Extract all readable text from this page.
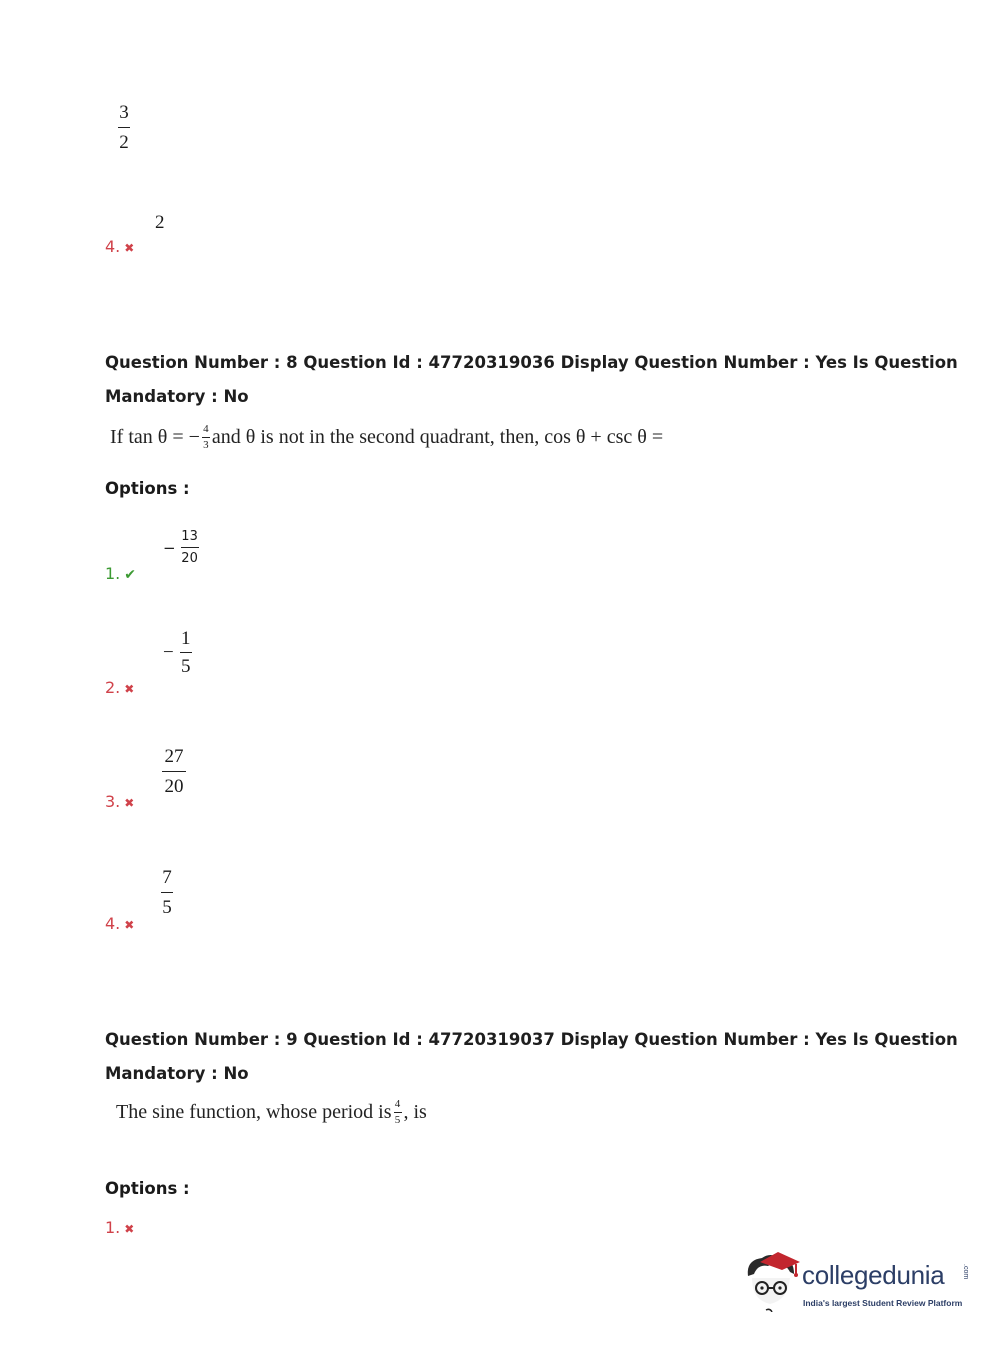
$\frac{3}{2}$
2
4. ✖
Question Number : 8 Question Id : 47720319036 Display Question Number : Yes Is Question
Mandatory : No
If tan θ = − $\frac{4}{3}$ and θ is not in the second quadrant, then, cos θ + csc θ =
Options :
− $\frac{13}{20}$
1. ✔
− $\frac{1}{5}$
2. ✖
$\frac{27}{20}$
3. ✖
$\frac{7}{5}$
4. ✖
Question Number : 9 Question Id : 47720319037 Display Question Number : Yes Is Question
Mandatory : No
The sine function, whose period is $\frac{4}{5}$ , is
Options :
1. ✖
collegedunia	.com
India's largest Student Review Platform
